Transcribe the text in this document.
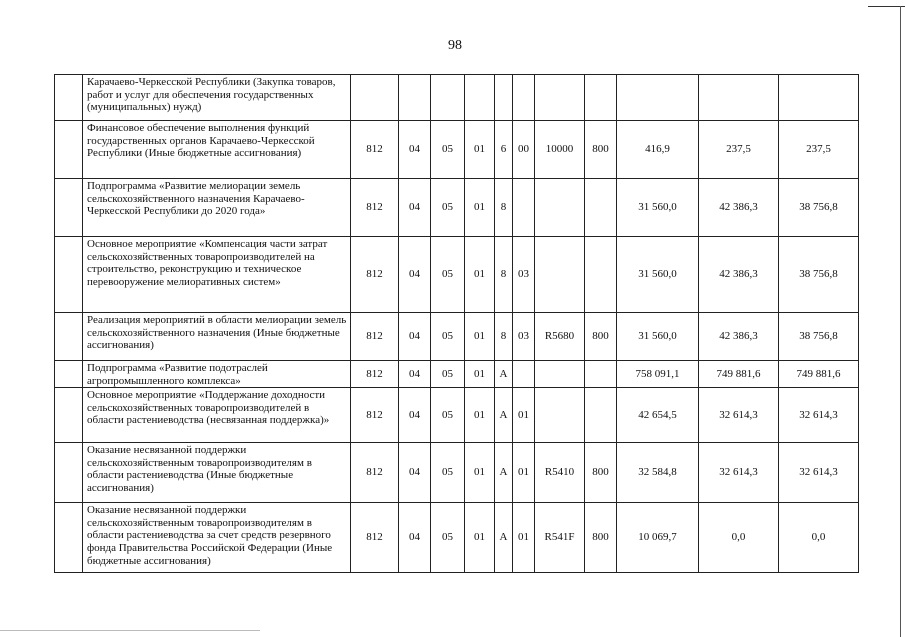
98
	Карачаево-Черкесской Республики (Закупка товаров, работ и услуг для обеспечения государственных (муниципальных) нужд)											
	Финансовое обеспечение выполнения функций государственных органов Карачаево-Черкесской Республики (Иные бюджетные ассигнования)	812	04	05	01	6	00	10000	800	416,9	237,5	237,5
	Подпрограмма «Развитие мелиорации земель сельскохозяйственного назначения Карачаево-Черкесской Республики до 2020 года»	812	04	05	01	8				31 560,0	42 386,3	38 756,8
	Основное мероприятие «Компенсация части затрат сельскохозяйственных товаропроизводителей на строительство, реконструкцию и техническое перевооружение мелиоративных систем»	812	04	05	01	8	03			31 560,0	42 386,3	38 756,8
	Реализация мероприятий в области мелиорации земель сельскохозяйственного назначения (Иные бюджетные ассигнования)	812	04	05	01	8	03	R5680	800	31 560,0	42 386,3	38 756,8
	Подпрограмма «Развитие подотраслей агропромышленного комплекса»	812	04	05	01	А				758 091,1	749 881,6	749 881,6
	Основное мероприятие «Поддержание доходности сельскохозяйственных товаропроизводителей в области растениеводства (несвязанная поддержка)»	812	04	05	01	А	01			42 654,5	32 614,3	32 614,3
	Оказание несвязанной поддержки сельскохозяйственным товаропроизводителям в области растениеводства (Иные бюджетные ассигнования)	812	04	05	01	А	01	R5410	800	32 584,8	32 614,3	32 614,3
	Оказание несвязанной поддержки сельскохозяйственным товаропроизводителям в области растениеводства за счет средств резервного фонда Правительства Российской Федерации (Иные бюджетные ассигнования)	812	04	05	01	А	01	R541F	800	10 069,7	0,0	0,0
